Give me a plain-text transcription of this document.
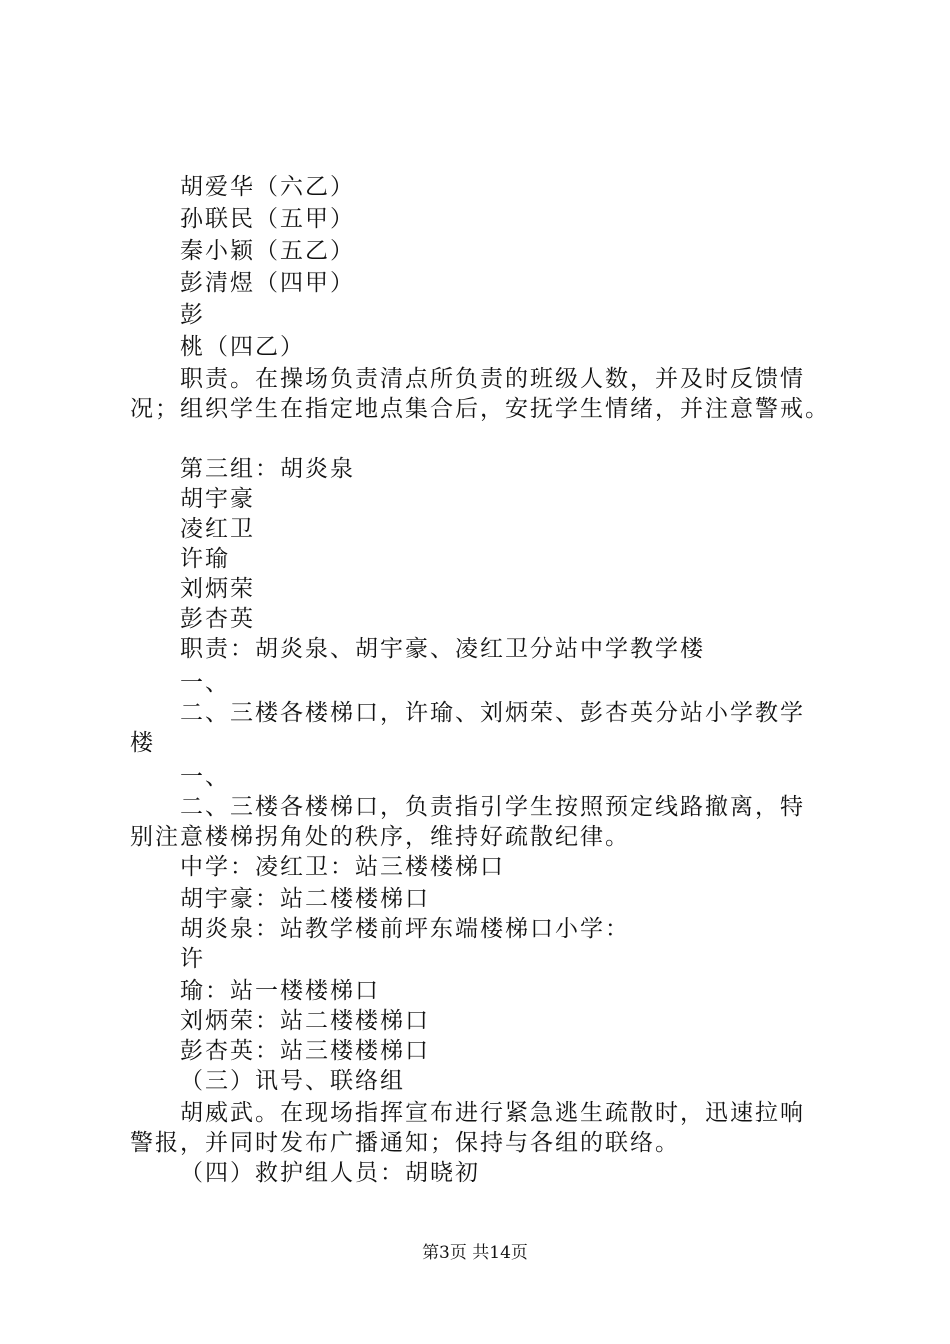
胡爱华（六乙）
孙联民（五甲）
秦小颖（五乙）
彭清煜（四甲）
彭
桃（四乙）
职责。在操场负责清点所负责的班级人数，并及时反馈情
况；组织学生在指定地点集合后，安抚学生情绪，并注意警戒。
第三组：胡炎泉
胡宇豪
凌红卫
许瑜
刘炳荣
彭杏英
职责：胡炎泉、胡宇豪、凌红卫分站中学教学楼
一、
二、三楼各楼梯口，许瑜、刘炳荣、彭杏英分站小学教学
楼
一、
二、三楼各楼梯口，负责指引学生按照预定线路撤离，特
别注意楼梯拐角处的秩序，维持好疏散纪律。
中学：凌红卫：站三楼楼梯口
胡宇豪：站二楼楼梯口
胡炎泉：站教学楼前坪东端楼梯口小学：
许
瑜：站一楼楼梯口
刘炳荣：站二楼楼梯口
彭杏英：站三楼楼梯口
（三）讯号、联络组
胡威武。在现场指挥宣布进行紧急逃生疏散时，迅速拉响
警报，并同时发布广播通知；保持与各组的联络。
（四）救护组人员：胡晓初
第3页 共14页
